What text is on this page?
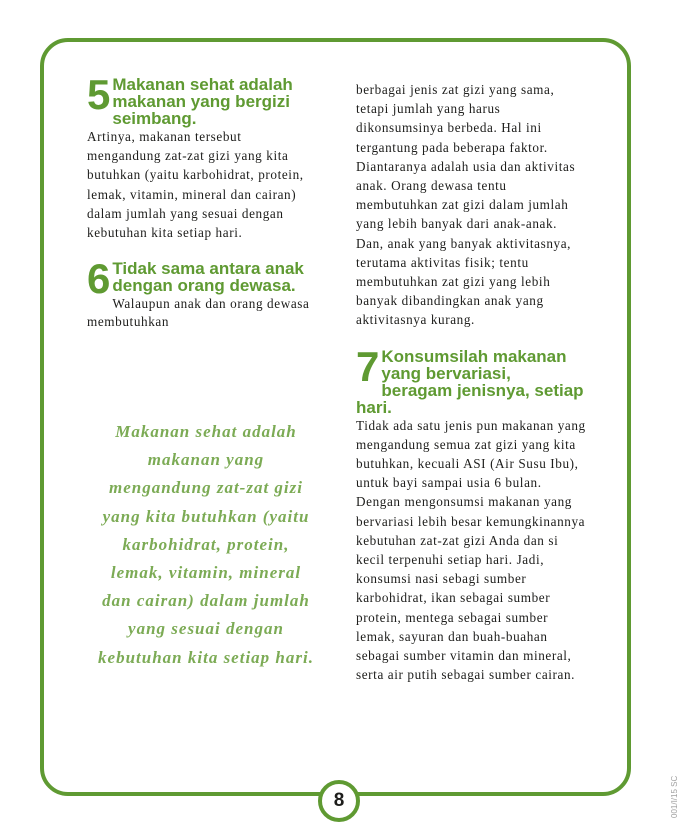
5 Makanan sehat adalah makanan yang bergizi seimbang.

Artinya, makanan tersebut mengandung zat-zat gizi yang kita butuhkan (yaitu karbohidrat, protein, lemak, vitamin, mineral dan cairan) dalam jumlah yang sesuai dengan kebutuhan kita setiap hari.

6 Tidak sama antara anak dengan orang dewasa. Walaupun anak dan orang dewasa membutuhkan

Makanan sehat adalah makanan yang mengandung zat-zat gizi yang kita butuhkan (yaitu karbohidrat, protein, lemak, vitamin, mineral dan cairan) dalam jumlah yang sesuai dengan kebutuhan kita setiap hari.

berbagai jenis zat gizi yang sama, tetapi jumlah yang harus dikonsumsinya berbeda. Hal ini tergantung pada beberapa faktor. Diantaranya adalah usia dan aktivitas anak. Orang dewasa tentu membutuhkan zat gizi dalam jumlah yang lebih banyak dari anak-anak. Dan, anak yang banyak aktivitasnya, terutama aktivitas fisik; tentu membutuhkan zat gizi yang lebih banyak dibandingkan anak yang aktivitasnya kurang.

7 Konsumsilah makanan yang bervariasi, beragam jenisnya, setiap hari.

Tidak ada satu jenis pun makanan yang mengandung semua zat gizi yang kita butuhkan, kecuali ASI (Air Susu Ibu), untuk bayi sampai usia 6 bulan. Dengan mengonsumsi makanan yang bervariasi lebih besar kemungkinannya kebutuhan zat-zat gizi Anda dan si kecil terpenuhi setiap hari. Jadi, konsumsi nasi sebagi sumber karbohidrat, ikan sebagai sumber protein, mentega sebagai sumber lemak, sayuran dan buah-buahan sebagai sumber vitamin dan mineral, serta air putih sebagai sumber cairan.

8	001/I/15 SC
